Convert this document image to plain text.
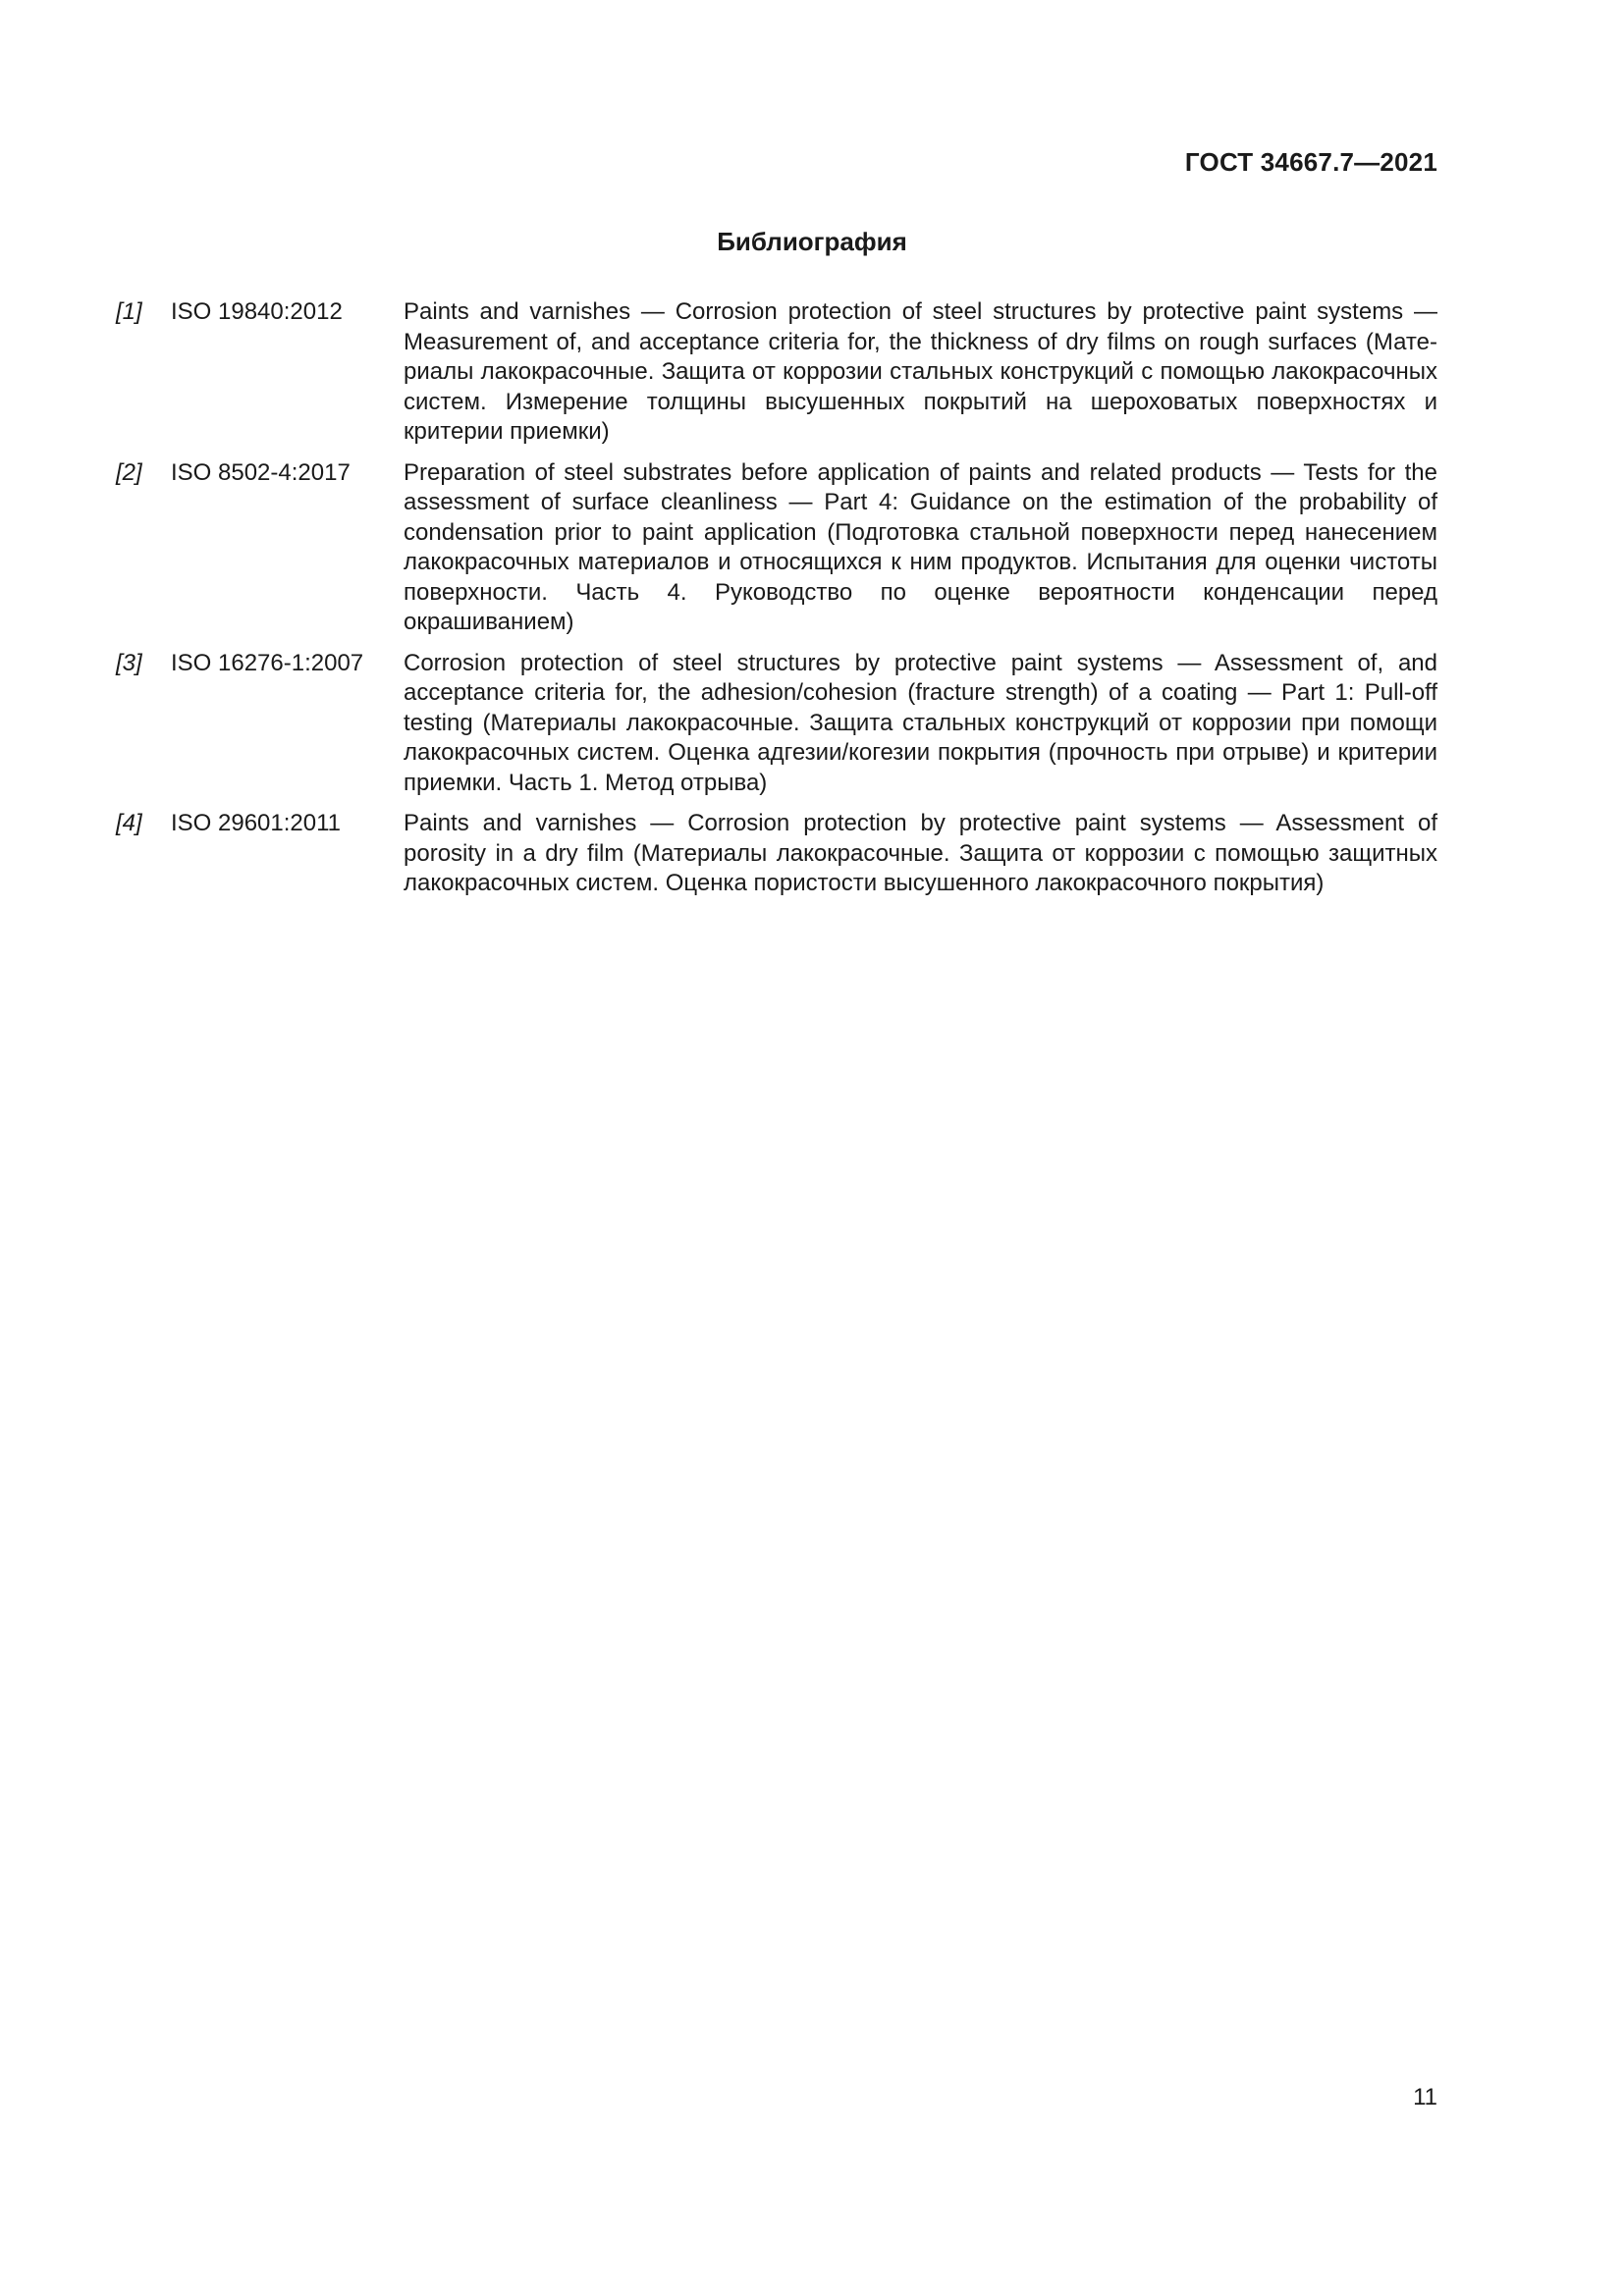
ГОСТ 34667.7—2021
Библиография
[1]	ISO 19840:2012	Paints and varnishes — Corrosion protection of steel structures by protective paint systems — Measurement of, and acceptance criteria for, the thickness of dry films on rough surfaces (Материалы лакокрасочные. Защита от коррозии стальных конструкций с помощью лакокрасочных систем. Измерение толщины высушенных покрытий на шероховатых поверхностях и критерии приемки)
[2]	ISO 8502-4:2017	Preparation of steel substrates before application of paints and related products — Tests for the assessment of surface cleanliness — Part 4: Guidance on the estimation of the probability of condensation prior to paint application (Подготовка стальной поверхности перед нанесением лакокрасочных материалов и относящихся к ним продуктов. Испытания для оценки чистоты поверхности. Часть 4. Руководство по оценке вероятности конденсации перед окрашиванием)
[3]	ISO 16276-1:2007	Corrosion protection of steel structures by protective paint systems — Assessment of, and acceptance criteria for, the adhesion/cohesion (fracture strength) of a coating — Part 1: Pull-off testing (Материалы лакокрасочные. Защита стальных конструкций от коррозии при помощи лакокрасочных систем. Оценка адгезии/когезии покрытия (прочность при отрыве) и критерии приемки. Часть 1. Метод отрыва)
[4]	ISO 29601:2011	Paints and varnishes — Corrosion protection by protective paint systems — Assessment of porosity in a dry film (Материалы лакокрасочные. Защита от коррозии с помощью защитных лакокрасочных систем. Оценка пористости высушенного лакокрасочного покрытия)
11
